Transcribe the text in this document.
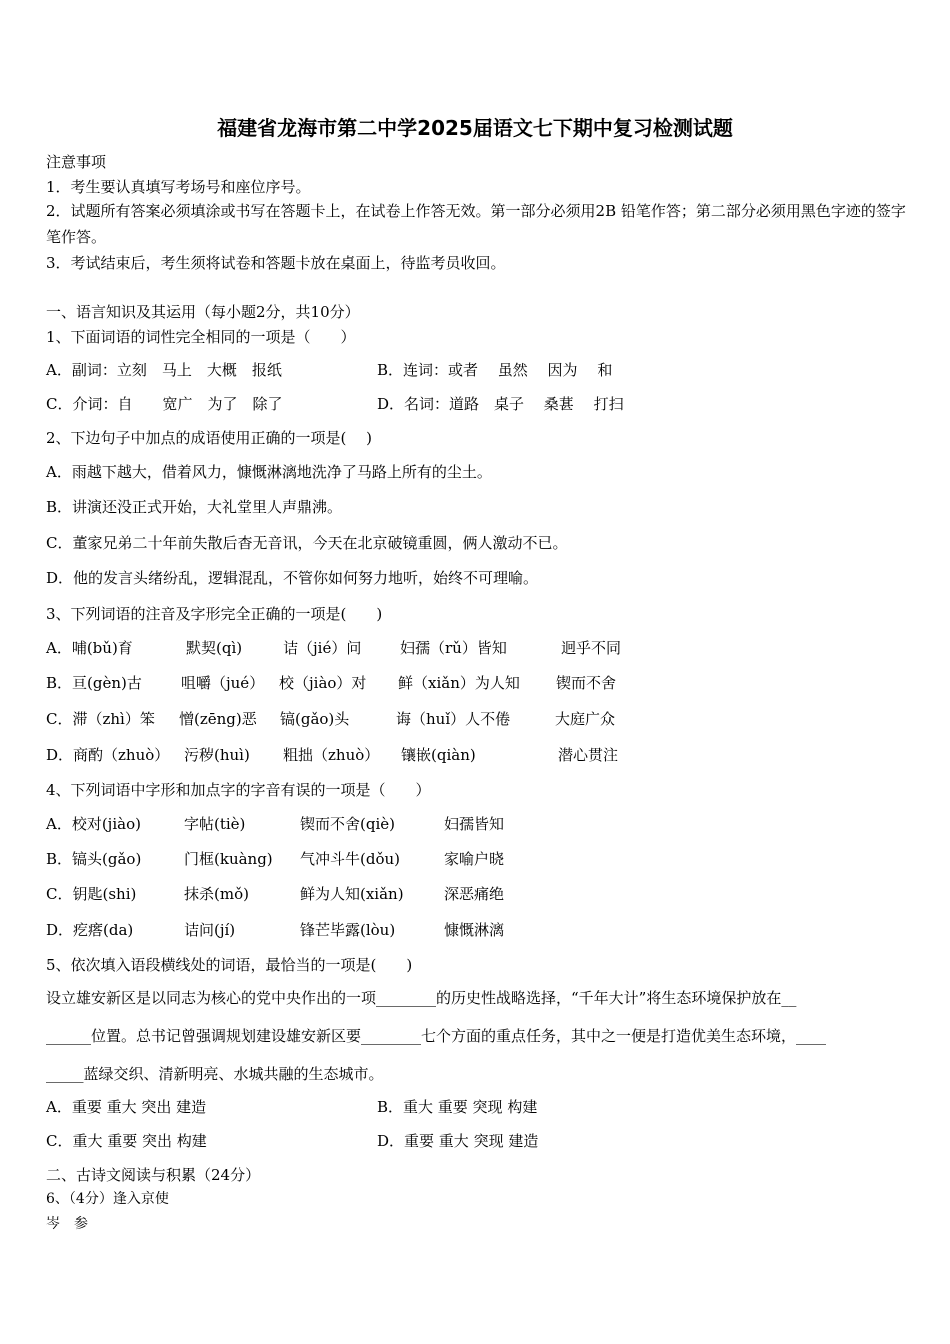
福建省龙海市第二中学2025届语文七下期中复习检测试题
注意事项
1．考生要认真填写考场号和座位序号。
2．试题所有答案必须填涂或书写在答题卡上，在试卷上作答无效。第一部分必须用2B 铅笔作答；第二部分必须用黑色字迹的签字笔作答。
3．考试结束后，考生须将试卷和答题卡放在桌面上，待监考员收回。
一、语言知识及其运用（每小题2分，共10分）
1、下面词语的词性完全相同的一项是（　　）
A．副词：立刻　马上　大概　报纸	B．连词：或者　 虽然　 因为 　和
C．介词：自　　宽广　为了　除了	D．名词：道路　桌子　 桑葚　 打扫
2、下边句子中加点的成语使用正确的一项是(　 )
A．雨越下越大，借着风力，慷慨淋漓地洗净了马路上所有的尘土。
B．讲演还没正式开始，大礼堂里人声鼎沸。
C．董家兄弟二十年前失散后杳无音讯，今天在北京破镜重圆，俩人激动不已。
D．他的发言头绪纷乱，逻辑混乱，不管你如何努力地听，始终不可理喻。
3、下列词语的注音及字形完全正确的一项是(　　)
A．哺(bǔ)育	默契(qì)	诘（jié）问	妇孺（rǔ）皆知	迥乎不同
B．亘(gèn)古	咀嚼（jué） 校（jiào）对 鲜（xiǎn）为人知 锲而不舍
C．滞（zhì）笨 憎(zēng)恶 镐(gǎo)头	诲（huǐ）人不倦	大庭广众
D．商酌（zhuò） 污秽(huì) 粗拙（zhuò） 镶嵌(qiàn)	潜心贯注
4、下列词语中字形和加点字的字音有误的一项是（　　）
A．校对(jiào)	字帖(tiè)	锲而不舍(qiè)	妇孺皆知
B．镐头(gǎo)	门框(kuàng) 气冲斗牛(dǒu)	家喻户晓
C．钥匙(shi)	抹杀(mǒ)	鲜为人知(xiǎn)	深恶痛绝
D．疙瘩(da)	诘问(jí)	锋芒毕露(lòu)	慷慨淋漓
5、依次填入语段横线处的词语，最恰当的一项是(　　)
设立雄安新区是以同志为核心的党中央作出的一项________的历史性战略选择，“千年大计”将生态环境保护放在__
______位置。总书记曾强调规划建设雄安新区要________七个方面的重点任务，其中之一便是打造优美生态环境，____
_____蓝绿交织、清新明亮、水城共融的生态城市。
A．重要 重大 突出 建造	B．重大 重要 突现 构建
C．重大 重要 突出 构建	D．重要 重大 突现 建造
二、古诗文阅读与积累（24分）
6、（4分）逢入京使
岑　参
